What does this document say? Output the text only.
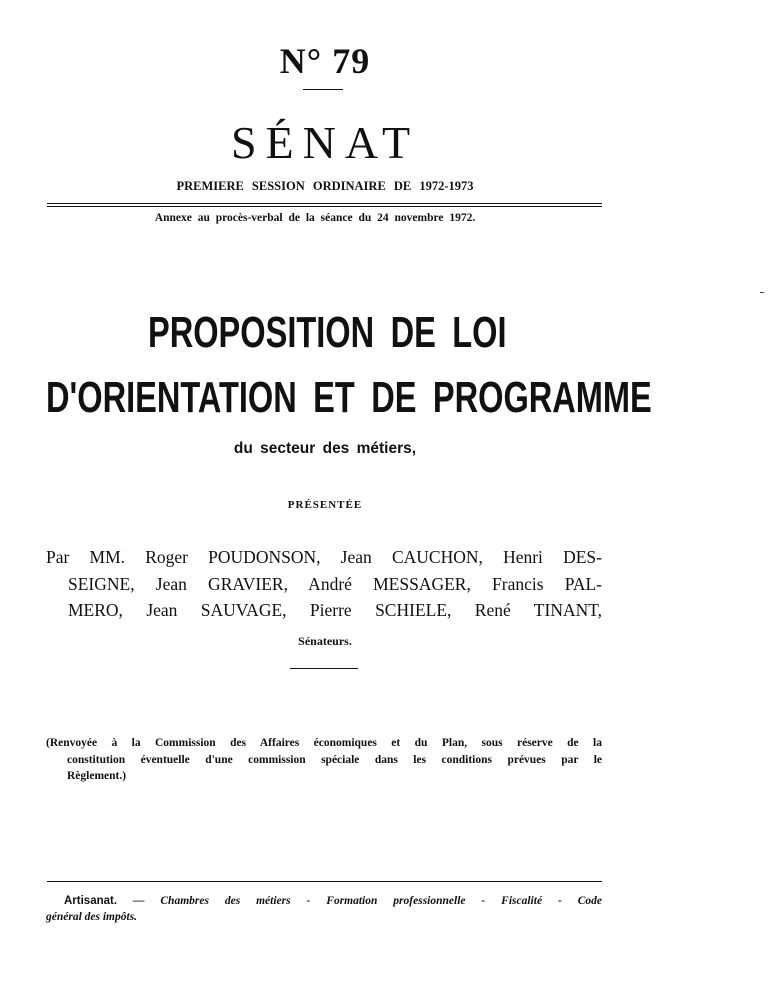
N° 79
SÉNAT
PREMIERE SESSION ORDINAIRE DE 1972-1973
Annexe au procès-verbal de la séance du 24 novembre 1972.
PROPOSITION DE LOI
D'ORIENTATION ET DE PROGRAMME
du secteur des métiers,
PRÉSENTÉE
Par MM. Roger POUDONSON, Jean CAUCHON, Henri DES-
SEIGNE, Jean GRAVIER, André MESSAGER, Francis PAL-
MERO, Jean SAUVAGE, Pierre SCHIELE, René TINANT,
Sénateurs.
(Renvoyée à la Commission des Affaires économiques et du Plan, sous réserve de la
constitution éventuelle d'une commission spéciale dans les conditions prévues par le
Règlement.)
Artisanat. — Chambres des métiers - Formation professionnelle - Fiscalité - Code
général des impôts.
